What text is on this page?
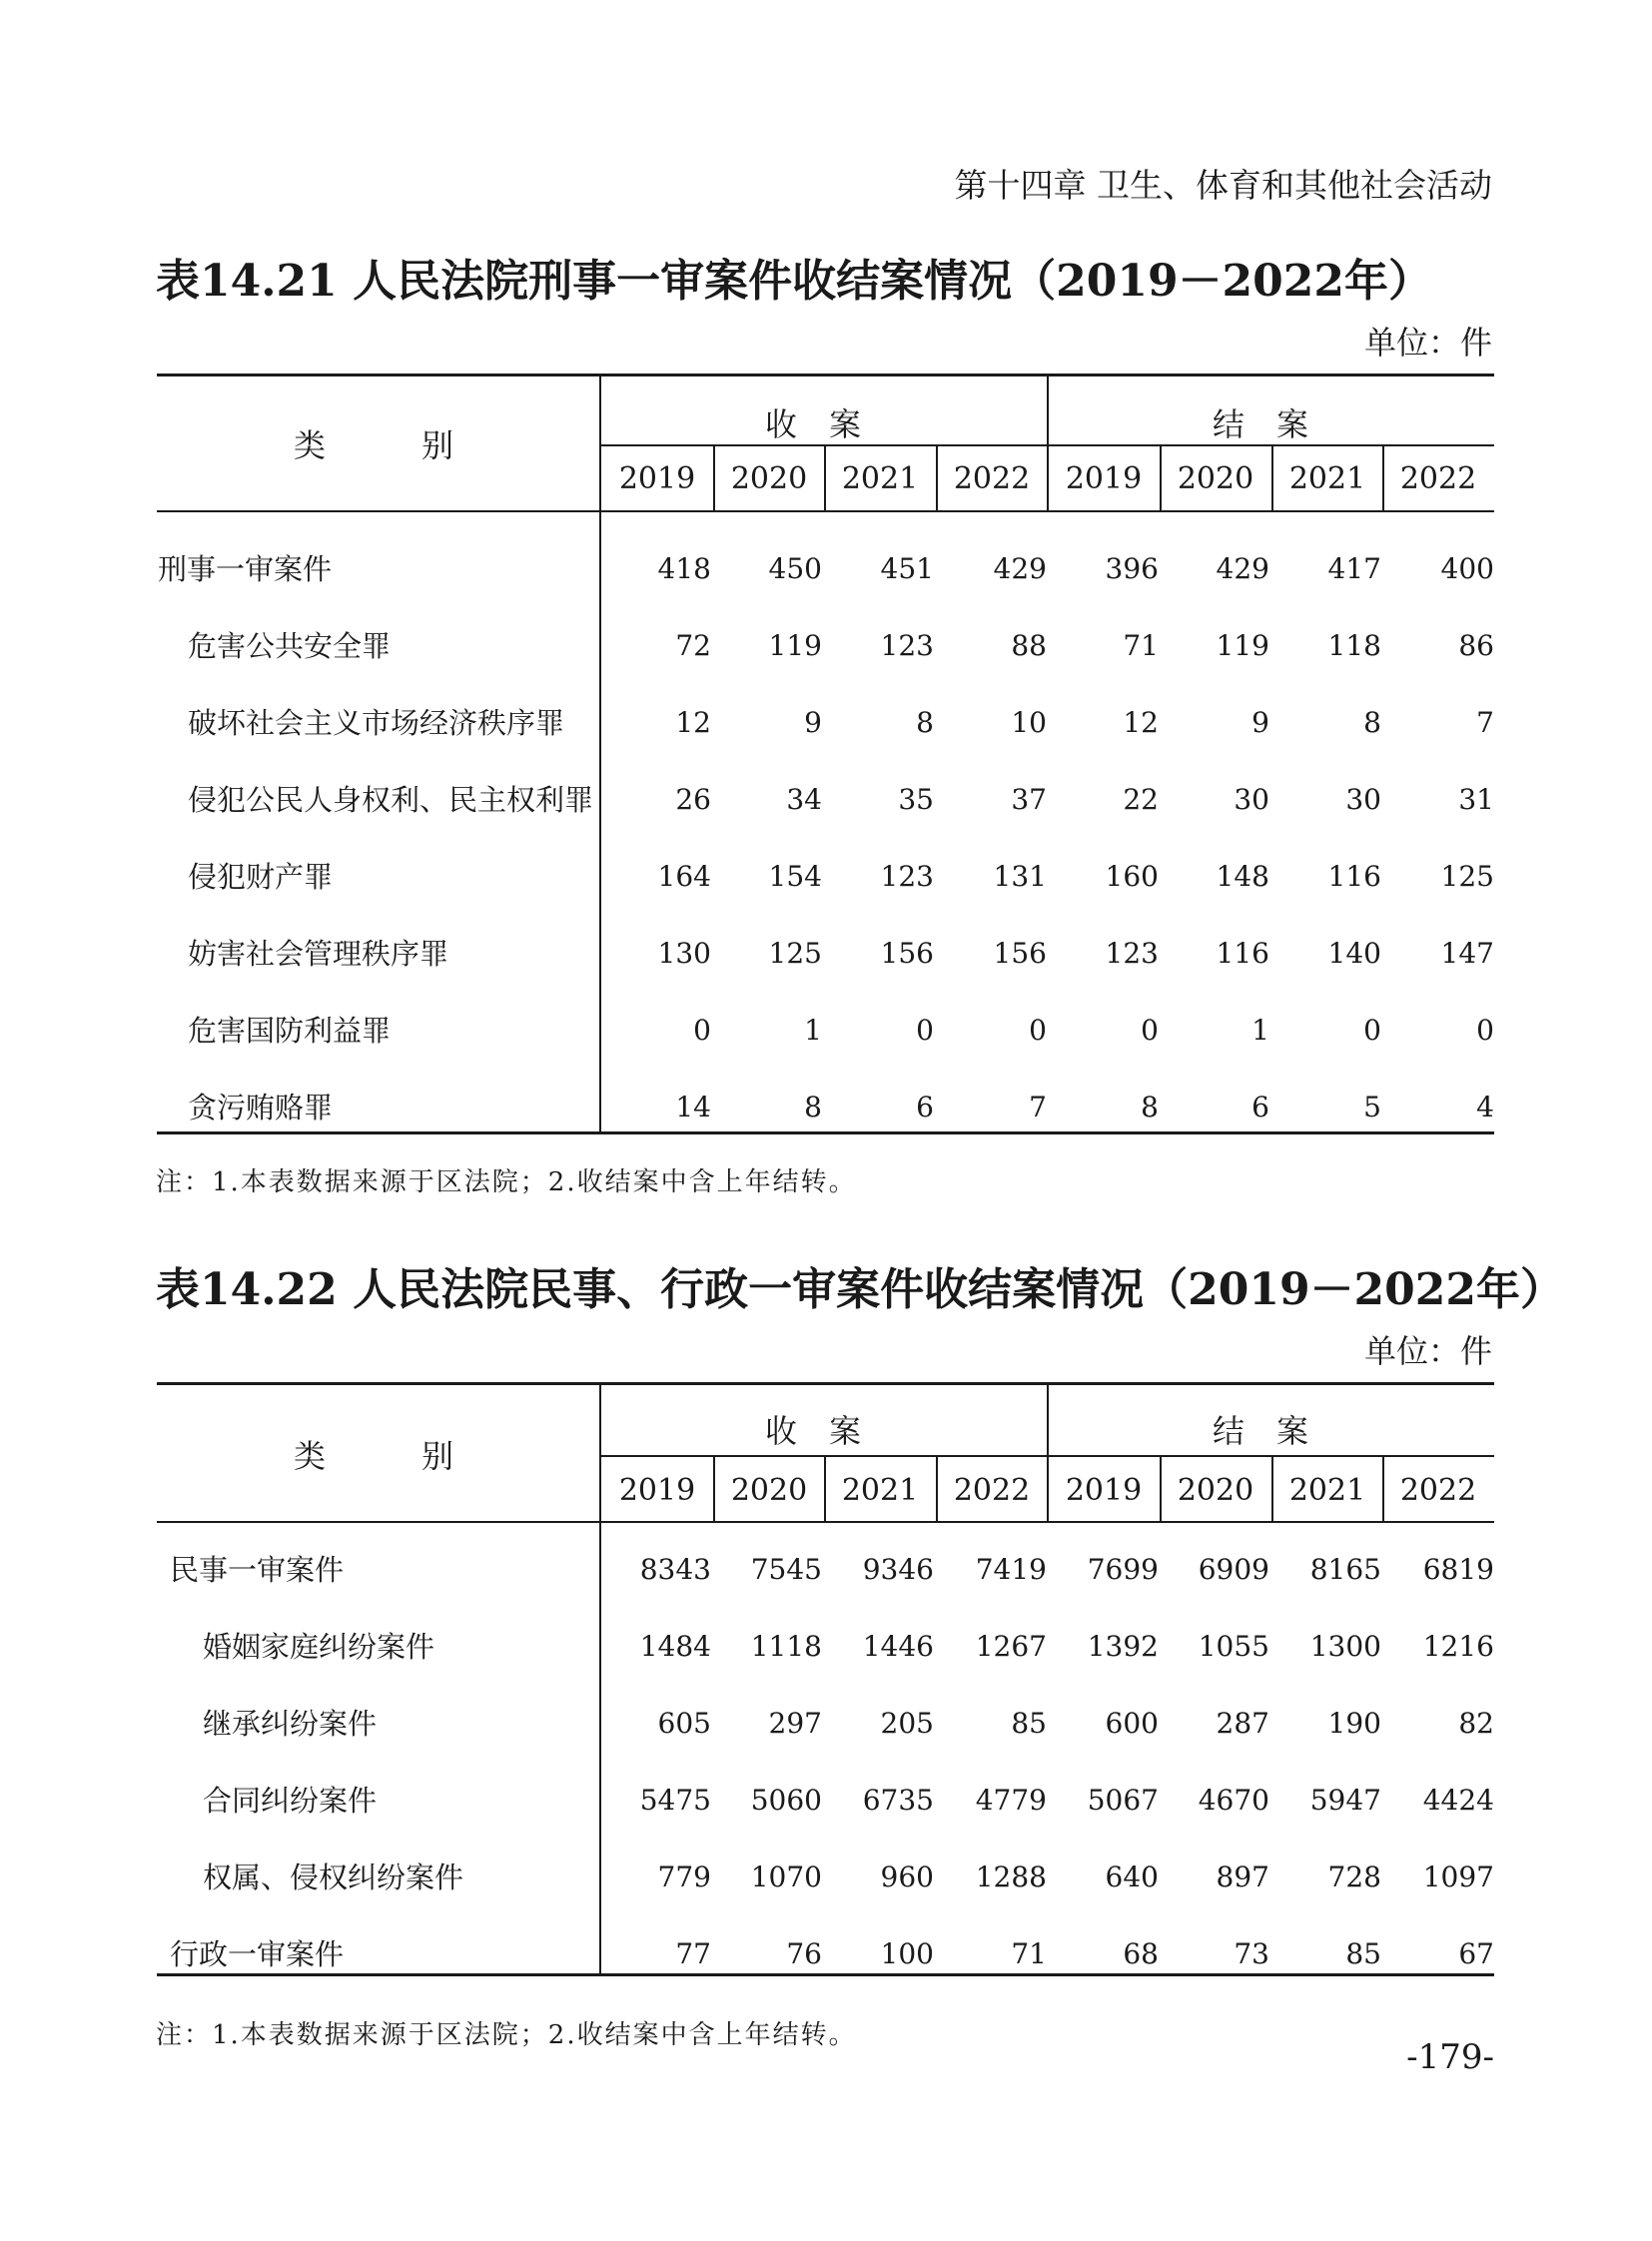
第十四章 卫生、体育和其他社会活动
表14.21 人民法院刑事一审案件收结案情况（2019－2022年）
单位：件
类　别
收案	结案
2019	2020	2021	2022	2019	2020	2021	2022
刑事一审案件	418	450	451	429	396	429	417	400
危害公共安全罪	72	119	123	88	71	119	118	86
破坏社会主义市场经济秩序罪	12	9	8	10	12	9	8	7
侵犯公民人身权利、民主权利罪	26	34	35	37	22	30	30	31
侵犯财产罪	164	154	123	131	160	148	116	125
妨害社会管理秩序罪	130	125	156	156	123	116	140	147
危害国防利益罪	0	1	0	0	0	1	0	0
贪污贿赂罪	14	8	6	7	8	6	5	4
注：1.本表数据来源于区法院；2.收结案中含上年结转。
表14.22 人民法院民事、行政一审案件收结案情况（2019－2022年）
单位：件
类　别
收案	结案
2019	2020	2021	2022	2019	2020	2021	2022
民事一审案件	8343	7545	9346	7419	7699	6909	8165	6819
婚姻家庭纠纷案件	1484	1118	1446	1267	1392	1055	1300	1216
继承纠纷案件	605	297	205	85	600	287	190	82
合同纠纷案件	5475	5060	6735	4779	5067	4670	5947	4424
权属、侵权纠纷案件	779	1070	960	1288	640	897	728	1097
行政一审案件	77	76	100	71	68	73	85	67
注：1.本表数据来源于区法院；2.收结案中含上年结转。
-179-
